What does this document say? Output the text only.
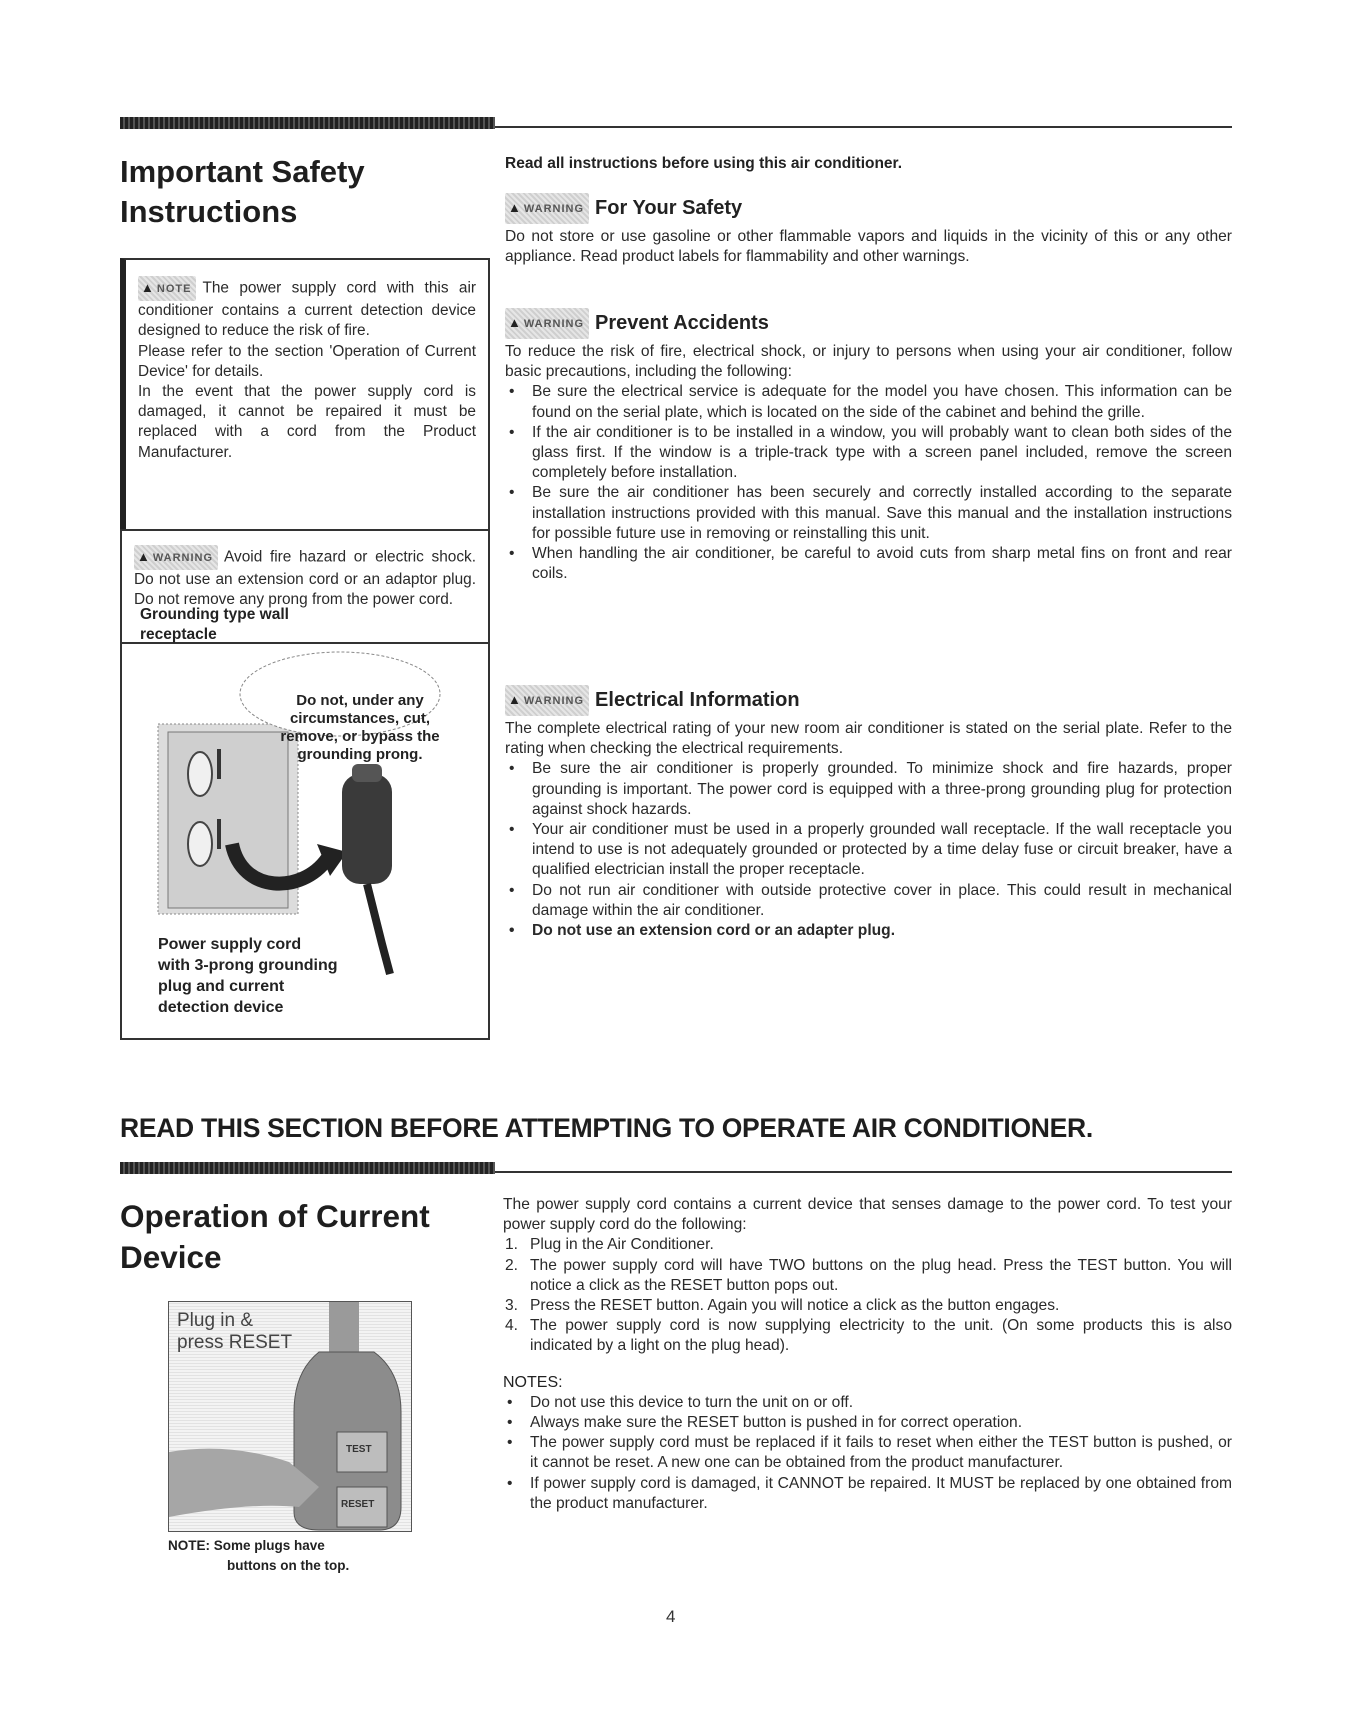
Important Safety
Instructions
▲ NOTE The power supply cord with this air conditioner contains a current detection device designed to reduce the risk of fire.
Please refer to the section 'Operation of Current Device' for details.
In the event that the power supply cord is damaged, it cannot be repaired it must be replaced with a cord from the Product Manufacturer.
▲ WARNING Avoid fire hazard or electric shock. Do not use an extension cord or an adaptor plug. Do not remove any prong from the power cord.
Grounding type wall
receptacle
Do not, under any
circumstances, cut,
remove, or bypass the
grounding prong.
Power supply cord
with 3-prong grounding
plug and current
detection device
Read all instructions before using this air conditioner.
▲ WARNING For Your Safety
Do not store or use gasoline or other flammable vapors and liquids in the vicinity of this or any other appliance. Read product labels for flammability and other warnings.
▲ WARNING Prevent Accidents
To reduce the risk of fire, electrical shock, or injury to persons when using your air conditioner, follow basic precautions, including the following:
• Be sure the electrical service is adequate for the model you have chosen. This information can be found on the serial plate, which is located on the side of the cabinet and behind the grille.
• If the air conditioner is to be installed in a window, you will probably want to clean both sides of the glass first. If the window is a triple-track type with a screen panel included, remove the screen completely before installation.
• Be sure the air conditioner has been securely and correctly installed according to the separate installation instructions provided with this manual. Save this manual and the installation instructions for possible future use in removing or reinstalling this unit.
• When handling the air conditioner, be careful to avoid cuts from sharp metal fins on front and rear coils.
▲ WARNING Electrical Information
The complete electrical rating of your new room air conditioner is stated on the serial plate. Refer to the rating when checking the electrical requirements.
• Be sure the air conditioner is properly grounded. To minimize shock and fire hazards, proper grounding is important. The power cord is equipped with a three-prong grounding plug for protection against shock hazards.
• Your air conditioner must be used in a properly grounded wall receptacle. If the wall receptacle you intend to use is not adequately grounded or protected by a time delay fuse or circuit breaker, have a qualified electrician install the proper receptacle.
• Do not run air conditioner with outside protective cover in place. This could result in mechanical damage within the air conditioner.
• Do not use an extension cord or an adapter plug.
READ THIS SECTION BEFORE ATTEMPTING TO OPERATE AIR CONDITIONER.
Operation of Current
Device
Plug in &
press RESET
TEST
RESET
NOTE: Some plugs have
buttons on the top.
The power supply cord contains a current device that senses damage to the power cord. To test your power supply cord do the following:
1. Plug in the Air Conditioner.
2. The power supply cord will have TWO buttons on the plug head. Press the TEST button. You will notice a click as the RESET button pops out.
3. Press the RESET button. Again you will notice a click as the button engages.
4. The power supply cord is now supplying electricity to the unit. (On some products this is also indicated by a light on the plug head).
NOTES:
• Do not use this device to turn the unit on or off.
• Always make sure the RESET button is pushed in for correct operation.
• The power supply cord must be replaced if it fails to reset when either the TEST button is pushed, or it cannot be reset. A new one can be obtained from the product manufacturer.
• If power supply cord is damaged, it CANNOT be repaired. It MUST be replaced by one obtained from the product manufacturer.
4
